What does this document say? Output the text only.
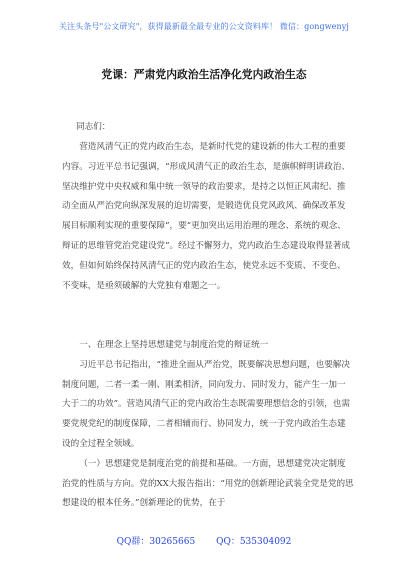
关注头条号"公文研究"，获得最新最全最专业的公文资料库！ 微信：gongwenyj
党课：严肃党内政治生活净化党内政治生态
同志们：

营造风清气正的党内政治生态，是新时代党的建设新的伟大工程的重要内容。习近平总书记强调，“形成风清气正的政治生态，是旗帜鲜明讲政治、坚决维护党中央权威和集中统一领导的政治要求，是持之以恒正风肃纪、推动全面从严治党向纵深发展的迫切需要，是锻造优良党风政风、确保改革发展目标顺利实现的重要保障”，要“更加突出运用治理的理念、系统的观念、辩证的思维管党治党建设党”。经过不懈努力，党内政治生态建设取得显著成效，但如何始终保持风清气正的党内政治生态，使党永远不变质、不变色、不变味，是亟须破解的大党独有难题之一。

一、在理念上坚持思想建党与制度治党的辩证统一

习近平总书记指出，“推进全面从严治党，既要解决思想问题，也要解决制度问题，二者一柔一刚、刚柔相济，同向发力、同时发力，能产生一加一大于二的功效”。营造风清气正的党内政治生态既需要理想信念的引领，也需要党规党纪的制度保障，二者相辅而行、协同发力，统一于党内政治生态建设的全过程全领域。

（一）思想建党是制度治党的前提和基础。一方面，思想建党决定制度治党的性质与方向。党的XX大报告指出：“用党的创新理论武装全党是党的思想建设的根本任务。”创新理论的优势，在于

QQ群：30265665 QQ：535304092
